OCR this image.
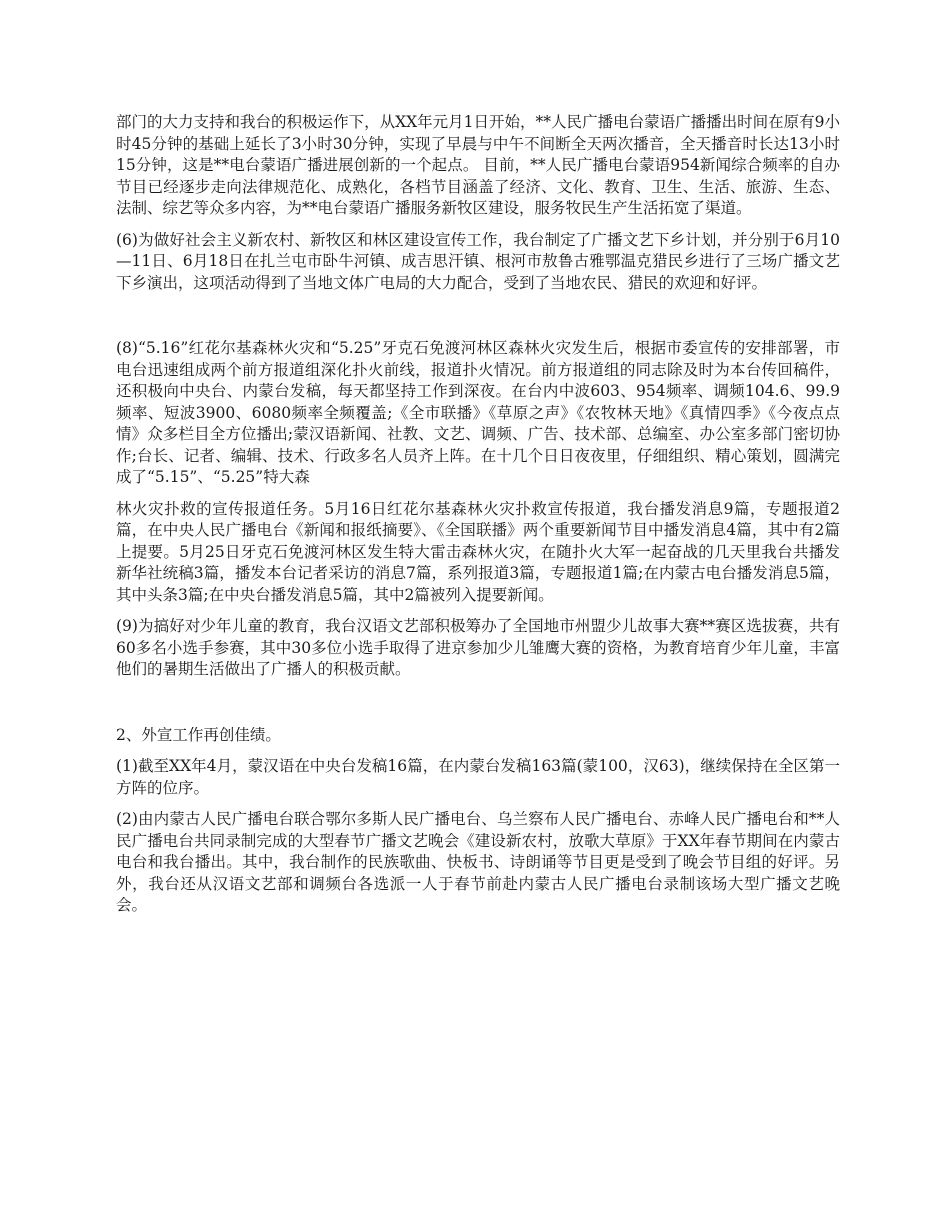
部门的大力支持和我台的积极运作下，从XX年元月1日开始，**人民广播电台蒙语广播播出时间在原有9小时45分钟的基础上延长了3小时30分钟，实现了早晨与中午不间断全天两次播音，全天播音时长达13小时15分钟，这是**电台蒙语广播进展创新的一个起点。 目前，**人民广播电台蒙语954新闻综合频率的自办节目已经逐步走向法律规范化、成熟化，各档节目涵盖了经济、文化、教育、卫生、生活、旅游、生态、法制、综艺等众多内容，为**电台蒙语广播服务新牧区建设，服务牧民生产生活拓宽了渠道。

(6)为做好社会主义新农村、新牧区和林区建设宣传工作，我台制定了广播文艺下乡计划，并分别于6月10—11日、6月18日在扎兰屯市卧牛河镇、成吉思汗镇、根河市敖鲁古雅鄂温克猎民乡进行了三场广播文艺下乡演出，这项活动得到了当地文体广电局的大力配合，受到了当地农民、猎民的欢迎和好评。

(8)“5.16”红花尔基森林火灾和“5.25”牙克石免渡河林区森林火灾发生后，根据市委宣传的安排部署，市电台迅速组成两个前方报道组深化扑火前线，报道扑火情况。前方报道组的同志除及时为本台传回稿件，还积极向中央台、内蒙台发稿，每天都坚持工作到深夜。在台内中波603、954频率、调频104.6、99.9频率、短波3900、6080频率全频覆盖;《全市联播》《草原之声》《农牧林天地》《真情四季》《今夜点点情》众多栏目全方位播出;蒙汉语新闻、社教、文艺、调频、广告、技术部、总编室、办公室多部门密切协作;台长、记者、编辑、技术、行政多名人员齐上阵。在十几个日日夜夜里，仔细组织、精心策划，圆满完成了“5.15”、“5.25”特大森

林火灾扑救的宣传报道任务。5月16日红花尔基森林火灾扑救宣传报道，我台播发消息9篇，专题报道2篇，在中央人民广播电台《新闻和报纸摘要》、《全国联播》两个重要新闻节目中播发消息4篇，其中有2篇上提要。5月25日牙克石免渡河林区发生特大雷击森林火灾，在随扑火大军一起奋战的几天里我台共播发新华社统稿3篇，播发本台记者采访的消息7篇，系列报道3篇，专题报道1篇;在内蒙古电台播发消息5篇，其中头条3篇;在中央台播发消息5篇，其中2篇被列入提要新闻。

(9)为搞好对少年儿童的教育，我台汉语文艺部积极筹办了全国地市州盟少儿故事大赛**赛区选拔赛，共有60多名小选手参赛，其中30多位小选手取得了进京参加少儿雏鹰大赛的资格，为教育培育少年儿童，丰富他们的暑期生活做出了广播人的积极贡献。

2、外宣工作再创佳绩。

(1)截至XX年4月，蒙汉语在中央台发稿16篇，在内蒙台发稿163篇(蒙100，汉63)，继续保持在全区第一方阵的位序。

(2)由内蒙古人民广播电台联合鄂尔多斯人民广播电台、乌兰察布人民广播电台、赤峰人民广播电台和**人民广播电台共同录制完成的大型春节广播文艺晚会《建设新农村，放歌大草原》于XX年春节期间在内蒙古电台和我台播出。其中，我台制作的民族歌曲、快板书、诗朗诵等节目更是受到了晚会节目组的好评。另外，我台还从汉语文艺部和调频台各选派一人于春节前赴内蒙古人民广播电台录制该场大型广播文艺晚会。
